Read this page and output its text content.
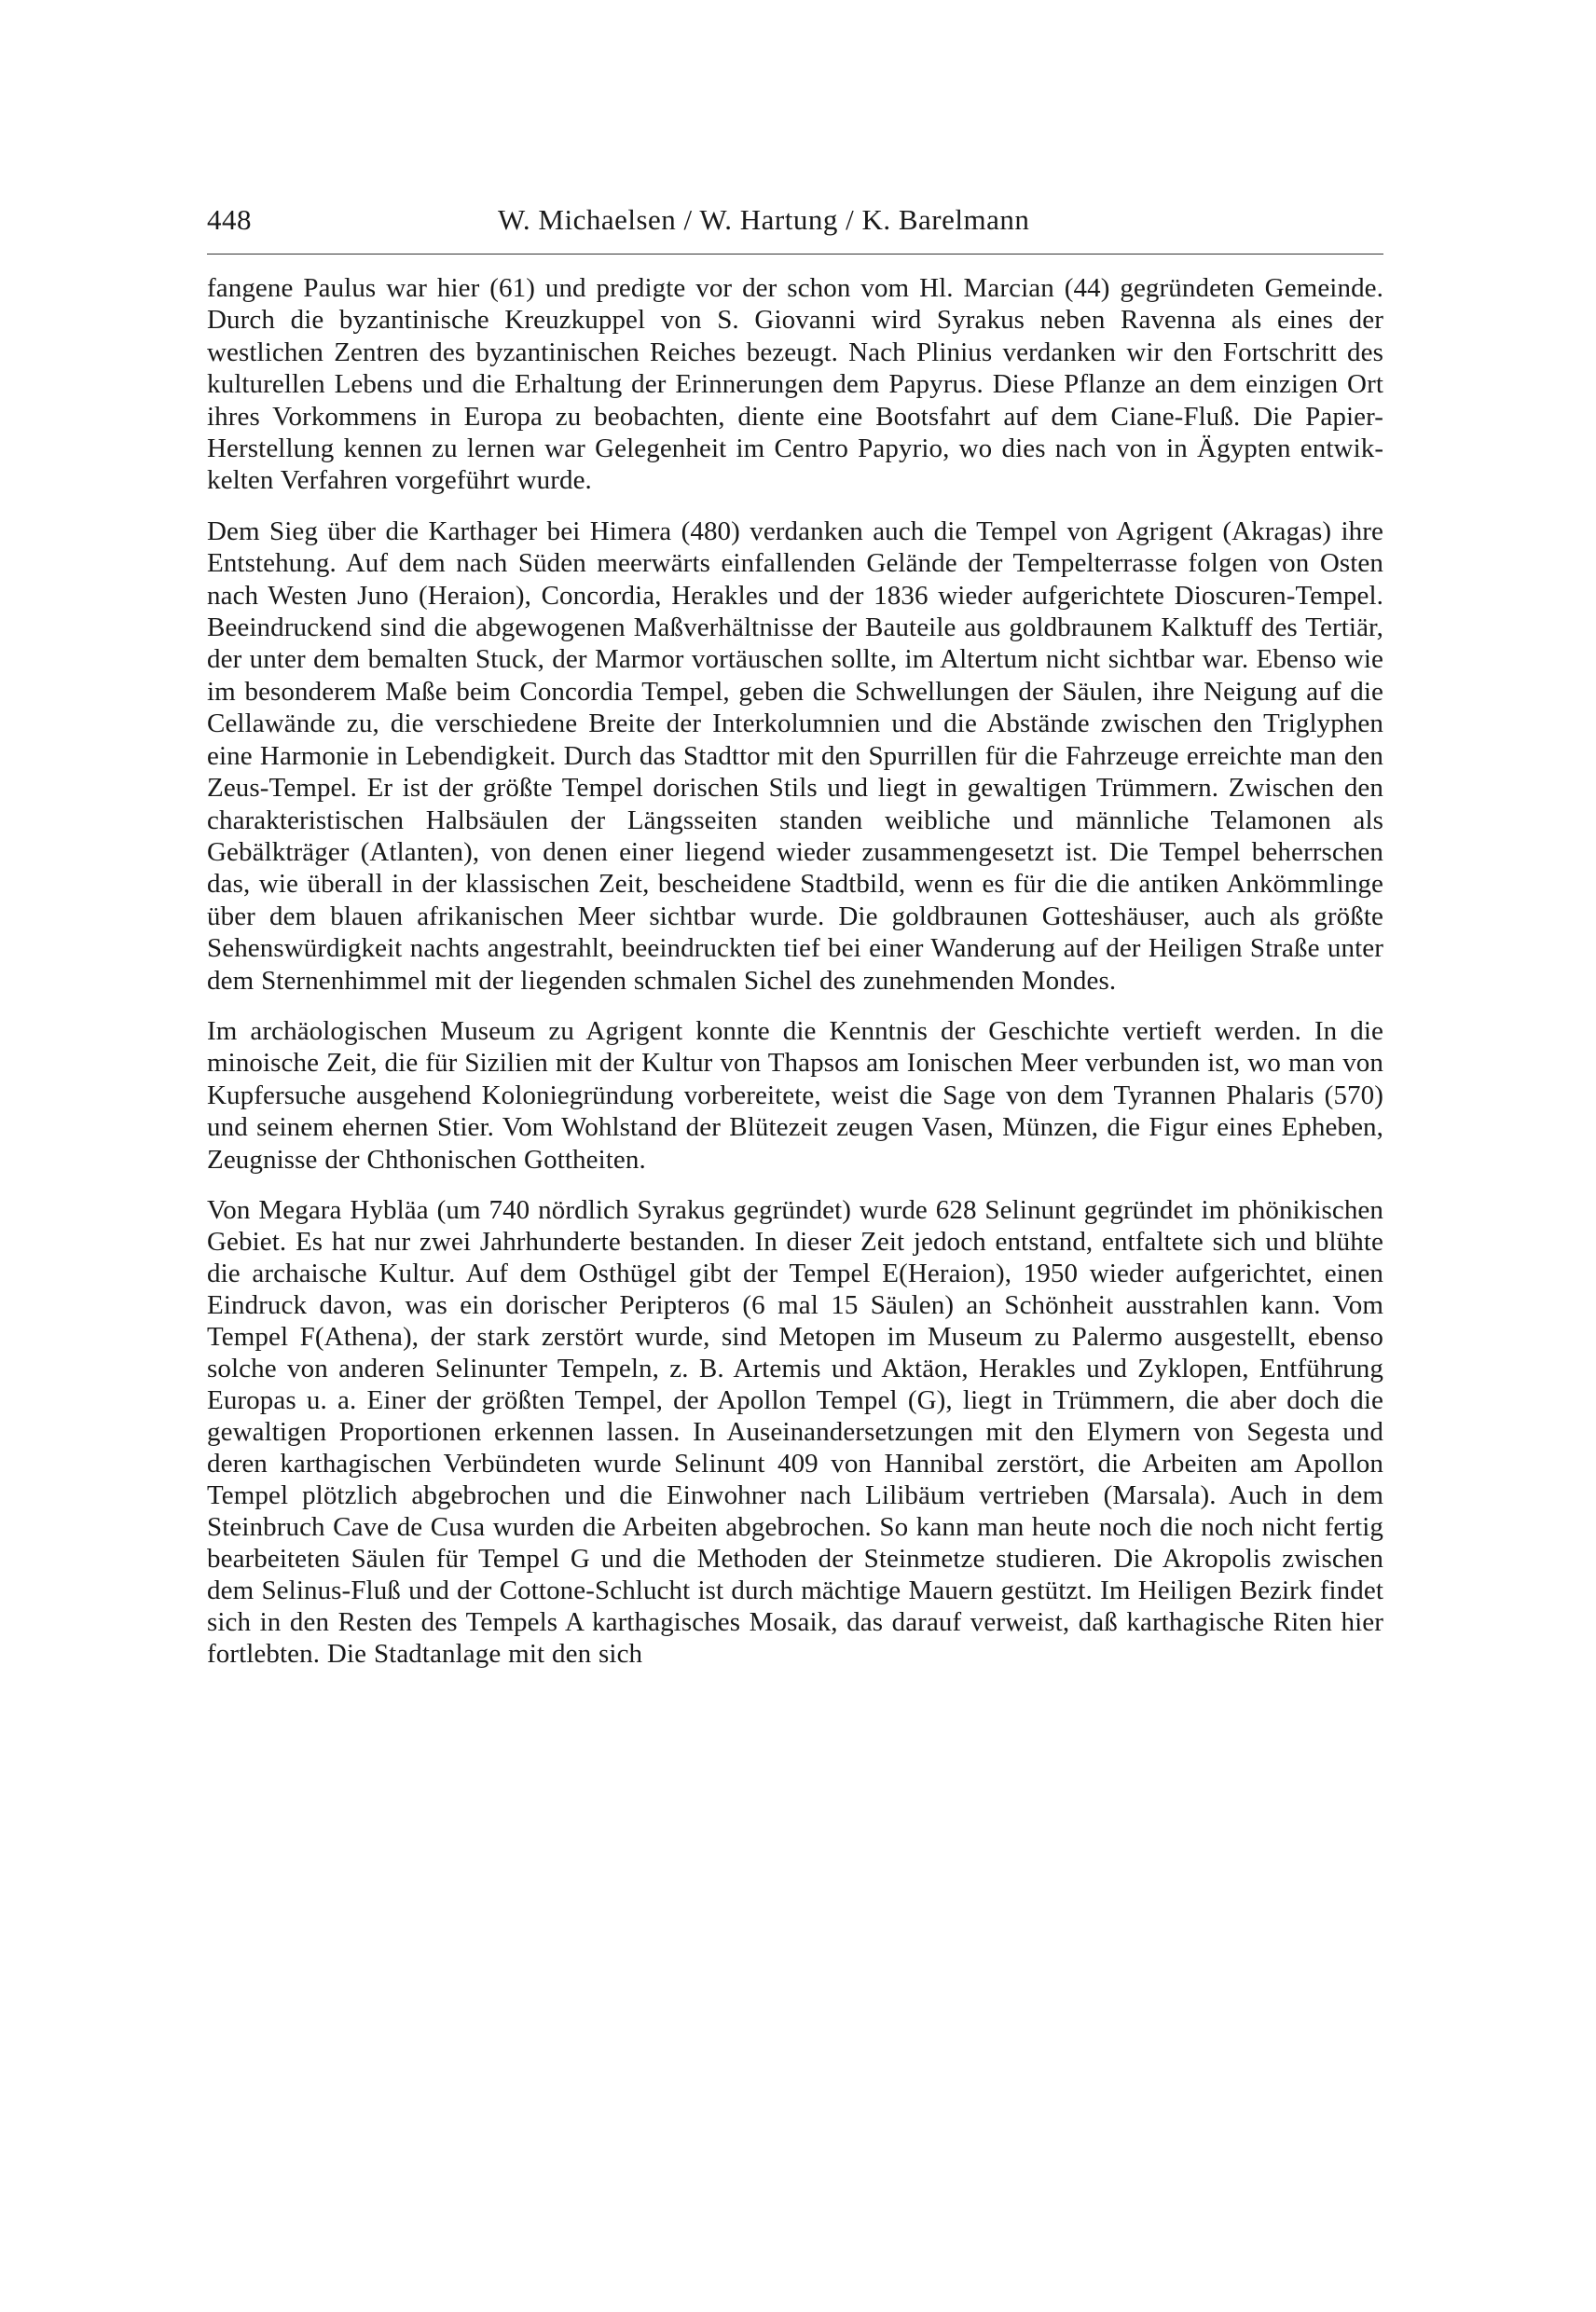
448	W. Michaelsen / W. Hartung / K. Barelmann

fangene Paulus war hier (61) und predigte vor der schon vom Hl. Marcian (44) gegründeten Gemeinde. Durch die byzantinische Kreuzkuppel von S. Giovanni wird Syrakus neben Ravenna als eines der westlichen Zentren des byzantinischen Reiches bezeugt. Nach Plinius verdanken wir den Fortschritt des kulturellen Lebens und die Erhaltung der Erinnerungen dem Papyrus. Diese Pflanze an dem einzigen Ort ihres Vorkommens in Europa zu beobachten, diente eine Bootsfahrt auf dem Ciane-Fluß. Die Papier-Herstellung kennen zu lernen war Gelegenheit im Centro Papyrio, wo dies nach von in Ägypten entwikkelten Verfahren vorgeführt wurde.

Dem Sieg über die Karthager bei Himera (480) verdanken auch die Tempel von Agrigent (Akragas) ihre Entstehung. Auf dem nach Süden meerwärts einfallenden Gelände der Tempelterrasse folgen von Osten nach Westen Juno (Heraion), Concordia, Herakles und der 1836 wieder aufgerichtete Dioscuren-Tempel. Beeindruckend sind die abgewogenen Maßverhältnisse der Bauteile aus goldbraunem Kalktuff des Tertiär, der unter dem bemalten Stuck, der Marmor vortäuschen sollte, im Altertum nicht sichtbar war. Ebenso wie im besonderem Maße beim Concordia Tempel, geben die Schwellungen der Säulen, ihre Neigung auf die Cellawände zu, die verschiedene Breite der Interkolumnien und die Abstände zwischen den Triglyphen eine Harmonie in Lebendigkeit. Durch das Stadttor mit den Spurrillen für die Fahrzeuge erreichte man den Zeus-Tempel. Er ist der größte Tempel dorischen Stils und liegt in gewaltigen Trümmern. Zwischen den charakteristischen Halbsäulen der Längsseiten standen weibliche und männliche Telamonen als Gebälkträger (Atlanten), von denen einer liegend wieder zusammengesetzt ist. Die Tempel beherrschen das, wie überall in der klassischen Zeit, bescheidene Stadtbild, wenn es für die die antiken Ankömmlinge über dem blauen afrikanischen Meer sichtbar wurde. Die goldbraunen Gotteshäuser, auch als größte Sehenswürdigkeit nachts angestrahlt, beeindruckten tief bei einer Wanderung auf der Heiligen Straße unter dem Sternenhimmel mit der liegenden schmalen Sichel des zunehmenden Mondes.

Im archäologischen Museum zu Agrigent konnte die Kenntnis der Geschichte vertieft werden. In die minoische Zeit, die für Sizilien mit der Kultur von Thapsos am Ionischen Meer verbunden ist, wo man von Kupfersuche ausgehend Koloniegründung vorbereitete, weist die Sage von dem Tyrannen Phalaris (570) und seinem ehernen Stier. Vom Wohlstand der Blütezeit zeugen Vasen, Münzen, die Figur eines Epheben, Zeugnisse der Chthonischen Gottheiten.

Von Megara Hybläa (um 740 nördlich Syrakus gegründet) wurde 628 Selinunt gegründet im phönikischen Gebiet. Es hat nur zwei Jahrhunderte bestanden. In dieser Zeit jedoch entstand, entfaltete sich und blühte die archaische Kultur. Auf dem Osthügel gibt der Tempel E(Heraion), 1950 wieder aufgerichtet, einen Eindruck davon, was ein dorischer Peripteros (6 mal 15 Säulen) an Schönheit ausstrahlen kann. Vom Tempel F(Athena), der stark zerstört wurde, sind Metopen im Museum zu Palermo ausgestellt, ebenso solche von anderen Selinunter Tempeln, z. B. Artemis und Aktäon, Herakles und Zyklopen, Entführung Europas u. a. Einer der größten Tempel, der Apollon Tempel (G), liegt in Trümmern, die aber doch die gewaltigen Proportionen erkennen lassen. In Auseinandersetzungen mit den Elymern von Segesta und deren karthagischen Verbündeten wurde Selinunt 409 von Hannibal zerstört, die Arbeiten am Apollon Tempel plötzlich abgebrochen und die Einwohner nach Lilibäum vertrieben (Marsala). Auch in dem Steinbruch Cave de Cusa wurden die Arbeiten abgebrochen. So kann man heute noch die noch nicht fertig bearbeiteten Säulen für Tempel G und die Methoden der Steinmetze studieren. Die Akropolis zwischen dem Selinus-Fluß und der Cottone-Schlucht ist durch mächtige Mauern gestützt. Im Heiligen Bezirk findet sich in den Resten des Tempels A karthagisches Mosaik, das darauf verweist, daß karthagische Riten hier fortlebten. Die Stadtanlage mit den sich
